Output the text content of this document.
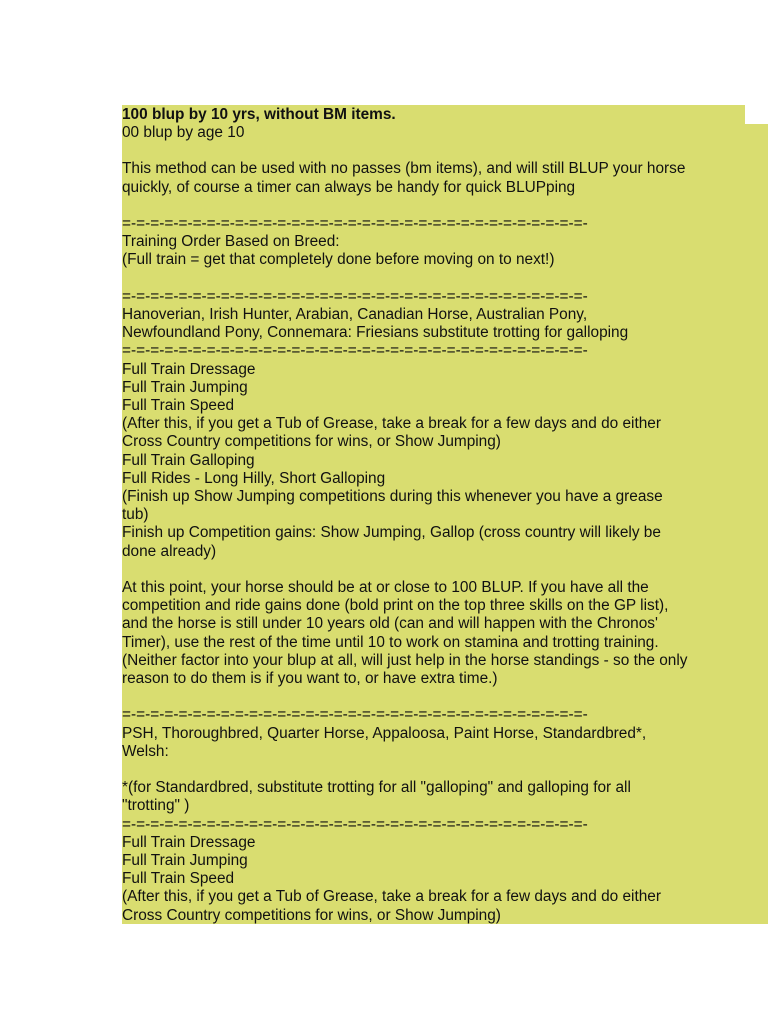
100 blup by 10 yrs, without BM items.

00 blup by age 10

This method can be used with no passes (bm items), and will still BLUP your horse

quickly, of course a timer can always be handy for quick BLUPping

=-=-=-=-=-=-=-=-=-=-=-=-=-=-=-=-=-=-=-=-=-=-=-=-=-=-=-=-=-=-=-=-=-

Training Order Based on Breed:

(Full train = get that completely done before moving on to next!)

=-=-=-=-=-=-=-=-=-=-=-=-=-=-=-=-=-=-=-=-=-=-=-=-=-=-=-=-=-=-=-=-=-

Hanoverian, Irish Hunter, Arabian, Canadian Horse, Australian Pony,

Newfoundland Pony, Connemara: Friesians substitute trotting for galloping

=-=-=-=-=-=-=-=-=-=-=-=-=-=-=-=-=-=-=-=-=-=-=-=-=-=-=-=-=-=-=-=-=-

Full Train Dressage

Full Train Jumping

Full Train Speed

(After this, if you get a Tub of Grease, take a break for a few days and do either

Cross Country competitions for wins, or Show Jumping)

Full Train Galloping

Full Rides - Long Hilly, Short Galloping

(Finish up Show Jumping competitions during this whenever you have a grease

tub)

Finish up Competition gains: Show Jumping, Gallop (cross country will likely be

done already)

At this point, your horse should be at or close to 100 BLUP. If you have all the

competition and ride gains done (bold print on the top three skills on the GP list),

and the horse is still under 10 years old (can and will happen with the Chronos'

Timer), use the rest of the time until 10 to work on stamina and trotting training.

(Neither factor into your blup at all, will just help in the horse standings - so the only

reason to do them is if you want to, or have extra time.)

=-=-=-=-=-=-=-=-=-=-=-=-=-=-=-=-=-=-=-=-=-=-=-=-=-=-=-=-=-=-=-=-=-

PSH, Thoroughbred, Quarter Horse, Appaloosa, Paint Horse, Standardbred*,

Welsh:

*(for Standardbred, substitute trotting for all "galloping" and galloping for all

"trotting" )

=-=-=-=-=-=-=-=-=-=-=-=-=-=-=-=-=-=-=-=-=-=-=-=-=-=-=-=-=-=-=-=-=-

Full Train Dressage

Full Train Jumping

Full Train Speed

(After this, if you get a Tub of Grease, take a break for a few days and do either

Cross Country competitions for wins, or Show Jumping)
